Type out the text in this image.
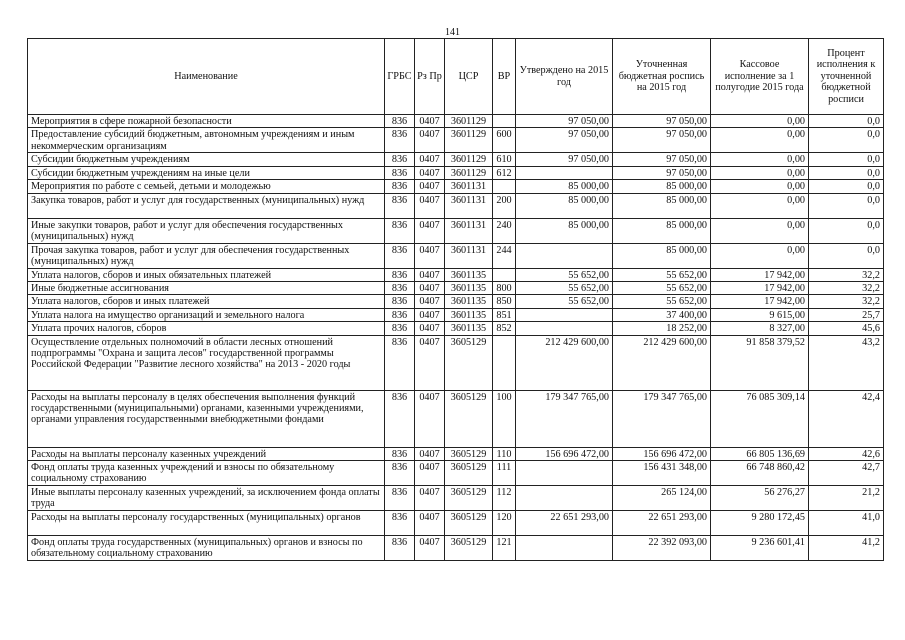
141
Наименование	ГРБС	Рз Пр	ЦСР	ВР	Утверждено на 2015 год	Уточненная бюджетная роспись на 2015 год	Кассовое исполнение за 1 полугодие 2015 года	Процент исполнения к уточненной бюджетной росписи
Мероприятия в сфере пожарной безопасности	836	0407	3601129		97 050,00	97 050,00	0,00	0,0
Предоставление субсидий бюджетным, автономным учреждениям и иным некоммерческим организациям	836	0407	3601129	600	97 050,00	97 050,00	0,00	0,0
Субсидии бюджетным учреждениям	836	0407	3601129	610	97 050,00	97 050,00	0,00	0,0
Субсидии бюджетным учреждениям на иные цели	836	0407	3601129	612		97 050,00	0,00	0,0
Мероприятия по работе с семьей, детьми и молодежью	836	0407	3601131		85 000,00	85 000,00	0,00	0,0
Закупка товаров, работ и услуг для государственных (муниципальных) нужд	836	0407	3601131	200	85 000,00	85 000,00	0,00	0,0
Иные закупки товаров, работ и услуг для обеспечения государственных (муниципальных) нужд	836	0407	3601131	240	85 000,00	85 000,00	0,00	0,0
Прочая закупка товаров, работ и услуг для обеспечения государственных (муниципальных) нужд	836	0407	3601131	244		85 000,00	0,00	0,0
Уплата налогов, сборов и иных обязательных платежей	836	0407	3601135		55 652,00	55 652,00	17 942,00	32,2
Иные бюджетные ассигнования	836	0407	3601135	800	55 652,00	55 652,00	17 942,00	32,2
Уплата налогов, сборов и иных платежей	836	0407	3601135	850	55 652,00	55 652,00	17 942,00	32,2
Уплата налога на имущество организаций и земельного налога	836	0407	3601135	851		37 400,00	9 615,00	25,7
Уплата прочих налогов, сборов	836	0407	3601135	852		18 252,00	8 327,00	45,6
Осуществление отдельных полномочий в области лесных отношений подпрограммы "Охрана и защита лесов" государственной программы Российской Федерации "Развитие лесного хозяйства" на 2013 - 2020 годы	836	0407	3605129		212 429 600,00	212 429 600,00	91 858 379,52	43,2
Расходы на выплаты персоналу в целях обеспечения выполнения функций государственными (муниципальными) органами, казенными учреждениями, органами управления государственными внебюджетными фондами	836	0407	3605129	100	179 347 765,00	179 347 765,00	76 085 309,14	42,4
Расходы на выплаты персоналу казенных учреждений	836	0407	3605129	110	156 696 472,00	156 696 472,00	66 805 136,69	42,6
Фонд оплаты труда казенных учреждений и взносы по обязательному социальному страхованию	836	0407	3605129	111		156 431 348,00	66 748 860,42	42,7
Иные выплаты персоналу казенных учреждений, за исключением фонда оплаты труда	836	0407	3605129	112		265 124,00	56 276,27	21,2
Расходы на выплаты персоналу государственных (муниципальных) органов	836	0407	3605129	120	22 651 293,00	22 651 293,00	9 280 172,45	41,0
Фонд оплаты труда государственных (муниципальных) органов и взносы по обязательному социальному страхованию	836	0407	3605129	121		22 392 093,00	9 236 601,41	41,2
